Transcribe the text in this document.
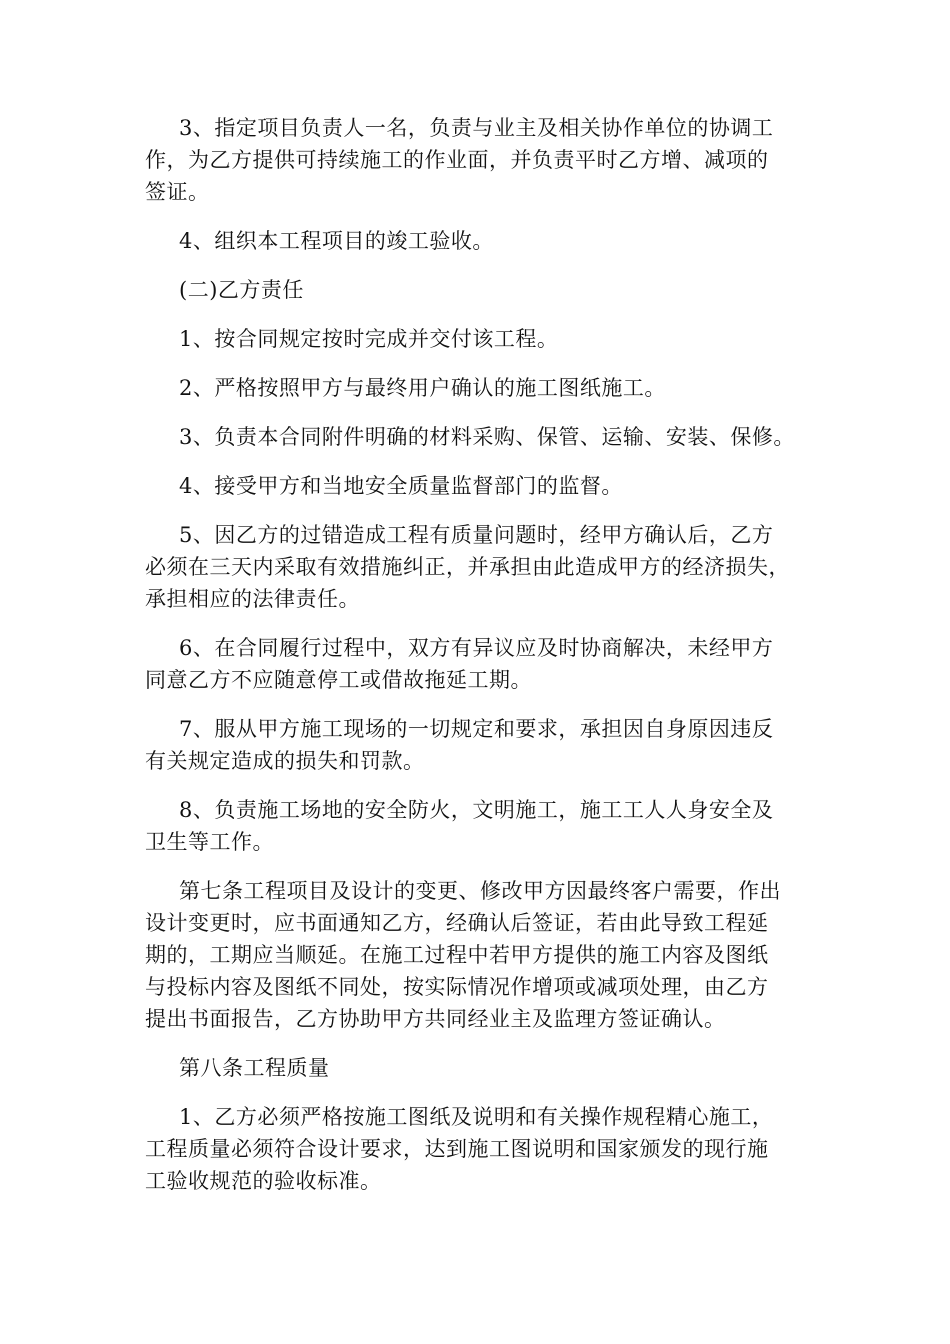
3、指定项目负责人一名，负责与业主及相关协作单位的协调工
作，为乙方提供可持续施工的作业面，并负责平时乙方增、减项的
签证。
4、组织本工程项目的竣工验收。
(二)乙方责任
1、按合同规定按时完成并交付该工程。
2、严格按照甲方与最终用户确认的施工图纸施工。
3、负责本合同附件明确的材料采购、保管、运输、安装、保修。
4、接受甲方和当地安全质量监督部门的监督。
5、因乙方的过错造成工程有质量问题时，经甲方确认后，乙方
必须在三天内采取有效措施纠正，并承担由此造成甲方的经济损失，
承担相应的法律责任。
6、在合同履行过程中，双方有异议应及时协商解决，未经甲方
同意乙方不应随意停工或借故拖延工期。
7、服从甲方施工现场的一切规定和要求，承担因自身原因违反
有关规定造成的损失和罚款。
8、负责施工场地的安全防火，文明施工，施工工人人身安全及
卫生等工作。
第七条工程项目及设计的变更、修改甲方因最终客户需要，作出
设计变更时，应书面通知乙方，经确认后签证，若由此导致工程延
期的，工期应当顺延。在施工过程中若甲方提供的施工内容及图纸
与投标内容及图纸不同处，按实际情况作增项或减项处理，由乙方
提出书面报告，乙方协助甲方共同经业主及监理方签证确认。
第八条工程质量
1、乙方必须严格按施工图纸及说明和有关操作规程精心施工，
工程质量必须符合设计要求，达到施工图说明和国家颁发的现行施
工验收规范的验收标准。
